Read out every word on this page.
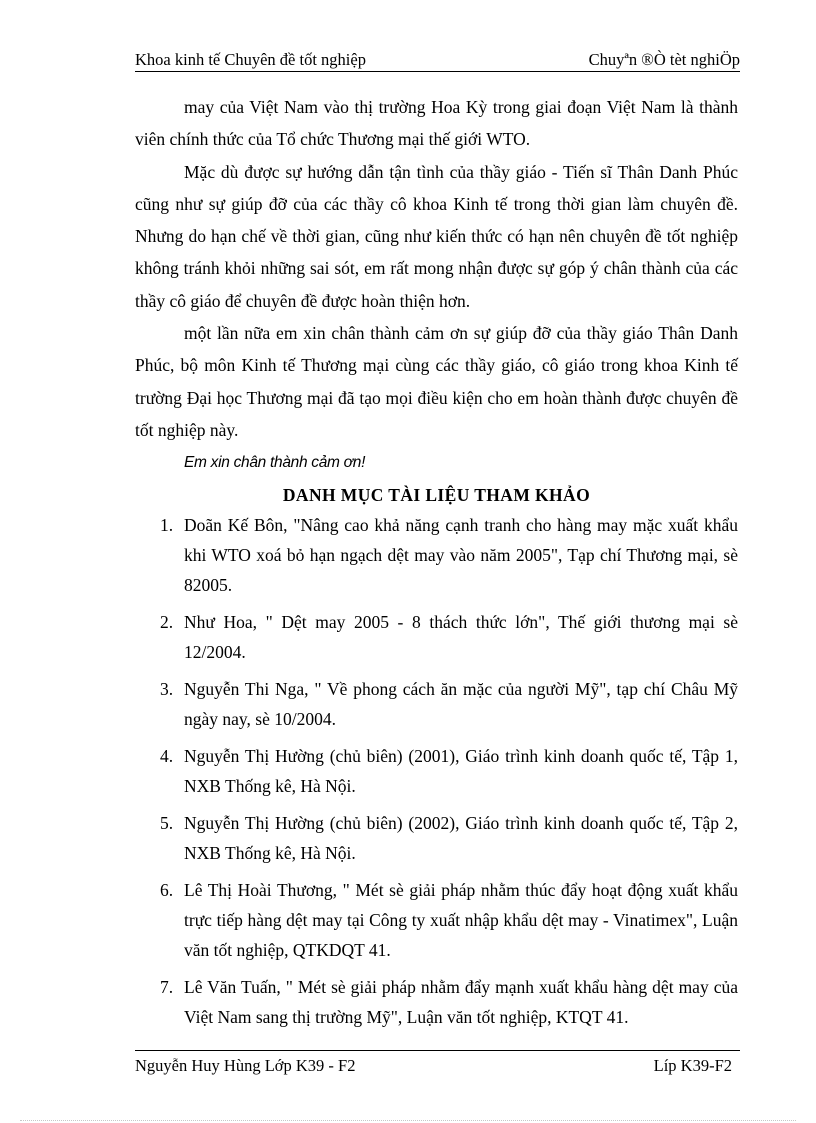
Khoa kinh tế Chuyên đề tốt nghiệp	Chuyªn ®Ò tèt nghiÖp

may của Việt Nam vào thị trường Hoa Kỳ trong giai đoạn Việt Nam là thành viên chính thức của Tổ chức Thương mại thế giới WTO.

Mặc dù được sự hướng dẫn tận tình của thầy giáo - Tiến sĩ Thân Danh Phúc cũng như sự giúp đỡ của các thầy cô khoa Kinh tế trong thời gian làm chuyên đề. Nhưng do hạn chế về thời gian, cũng như kiến thức có hạn nên chuyên đề tốt nghiệp không tránh khỏi những sai sót, em rất mong nhận được sự góp ý chân thành của các thầy cô giáo để chuyên đề được hoàn thiện hơn.

một lần nữa em xin chân thành cảm ơn sự giúp đỡ của thầy giáo Thân Danh Phúc, bộ môn Kinh tế Thương mại cùng các thầy giáo, cô giáo trong khoa Kinh tế trường Đại học Thương mại đã tạo mọi điều kiện cho em hoàn thành được chuyên đề tốt nghiệp này.

Em xin chân thành cảm ơn!

DANH MỤC TÀI LIỆU THAM KHẢO
1. Doãn Kế Bôn, "Nâng cao khả năng cạnh tranh cho hàng may mặc xuất khẩu khi WTO xoá bỏ hạn ngạch dệt may vào năm 2005", Tạp chí Thương mại, sè 82005.
2. Như Hoa, " Dệt may 2005 - 8 thách thức lớn", Thế giới thương mại sè 12/2004.
3. Nguyễn Thi Nga, " Về phong cách ăn mặc của người Mỹ", tạp chí Châu Mỹ ngày nay, sè 10/2004.
4. Nguyễn Thị Hường (chủ biên) (2001), Giáo trình kinh doanh quốc tế, Tập 1, NXB Thống kê, Hà Nội.
5. Nguyễn Thị Hường (chủ biên) (2002), Giáo trình kinh doanh quốc tế, Tập 2, NXB Thống kê, Hà Nội.
6. Lê Thị Hoài Thương, " Mét sè giải pháp nhằm thúc đẩy hoạt động xuất khẩu trực tiếp hàng dệt may tại Công ty xuất nhập khẩu dệt may - Vinatimex", Luận văn tốt nghiệp, QTKDQT 41.
7. Lê Văn Tuấn, " Mét sè giải pháp nhằm đẩy mạnh xuất khẩu hàng dệt may của Việt Nam sang thị trường Mỹ", Luận văn tốt nghiệp, KTQT 41.
Nguyễn Huy Hùng Lớp K39 - F2	Líp K39-F2
